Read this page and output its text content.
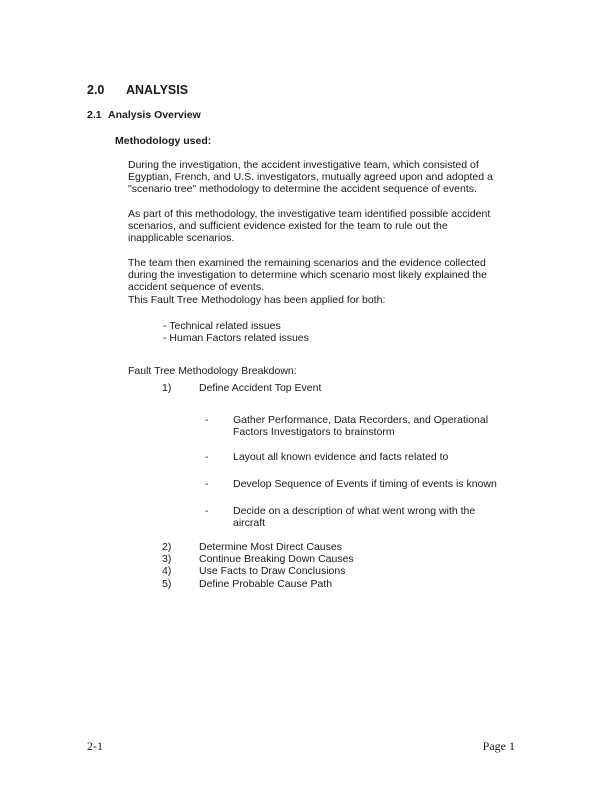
2.0 ANALYSIS
2.1 Analysis Overview
Methodology used:
During the investigation, the accident investigative team, which consisted of
Egyptian, French, and U.S. investigators, mutually agreed upon and adopted a
"scenario tree" methodology to determine the accident sequence of events.
As part of this methodology, the investigative team identified possible accident
scenarios, and sufficient evidence existed for the team to rule out the
inapplicable scenarios.
The team then examined the remaining scenarios and the evidence collected
during the investigation to determine which scenario most likely explained the
accident sequence of events.
This Fault Tree Methodology has been applied for both:
- Technical related issues
- Human Factors related issues
Fault Tree Methodology Breakdown:
1)	Define Accident Top Event
-	Gather Performance, Data Recorders, and Operational
Factors Investigators to brainstorm
-	Layout all known evidence and facts related to
-	Develop Sequence of Events if timing of events is known
-	Decide on a description of what went wrong with the
aircraft
2)	Determine Most Direct Causes
3)	Continue Breaking Down Causes
4)	Use Facts to Draw Conclusions
5)	Define Probable Cause Path
2-1	Page 1
